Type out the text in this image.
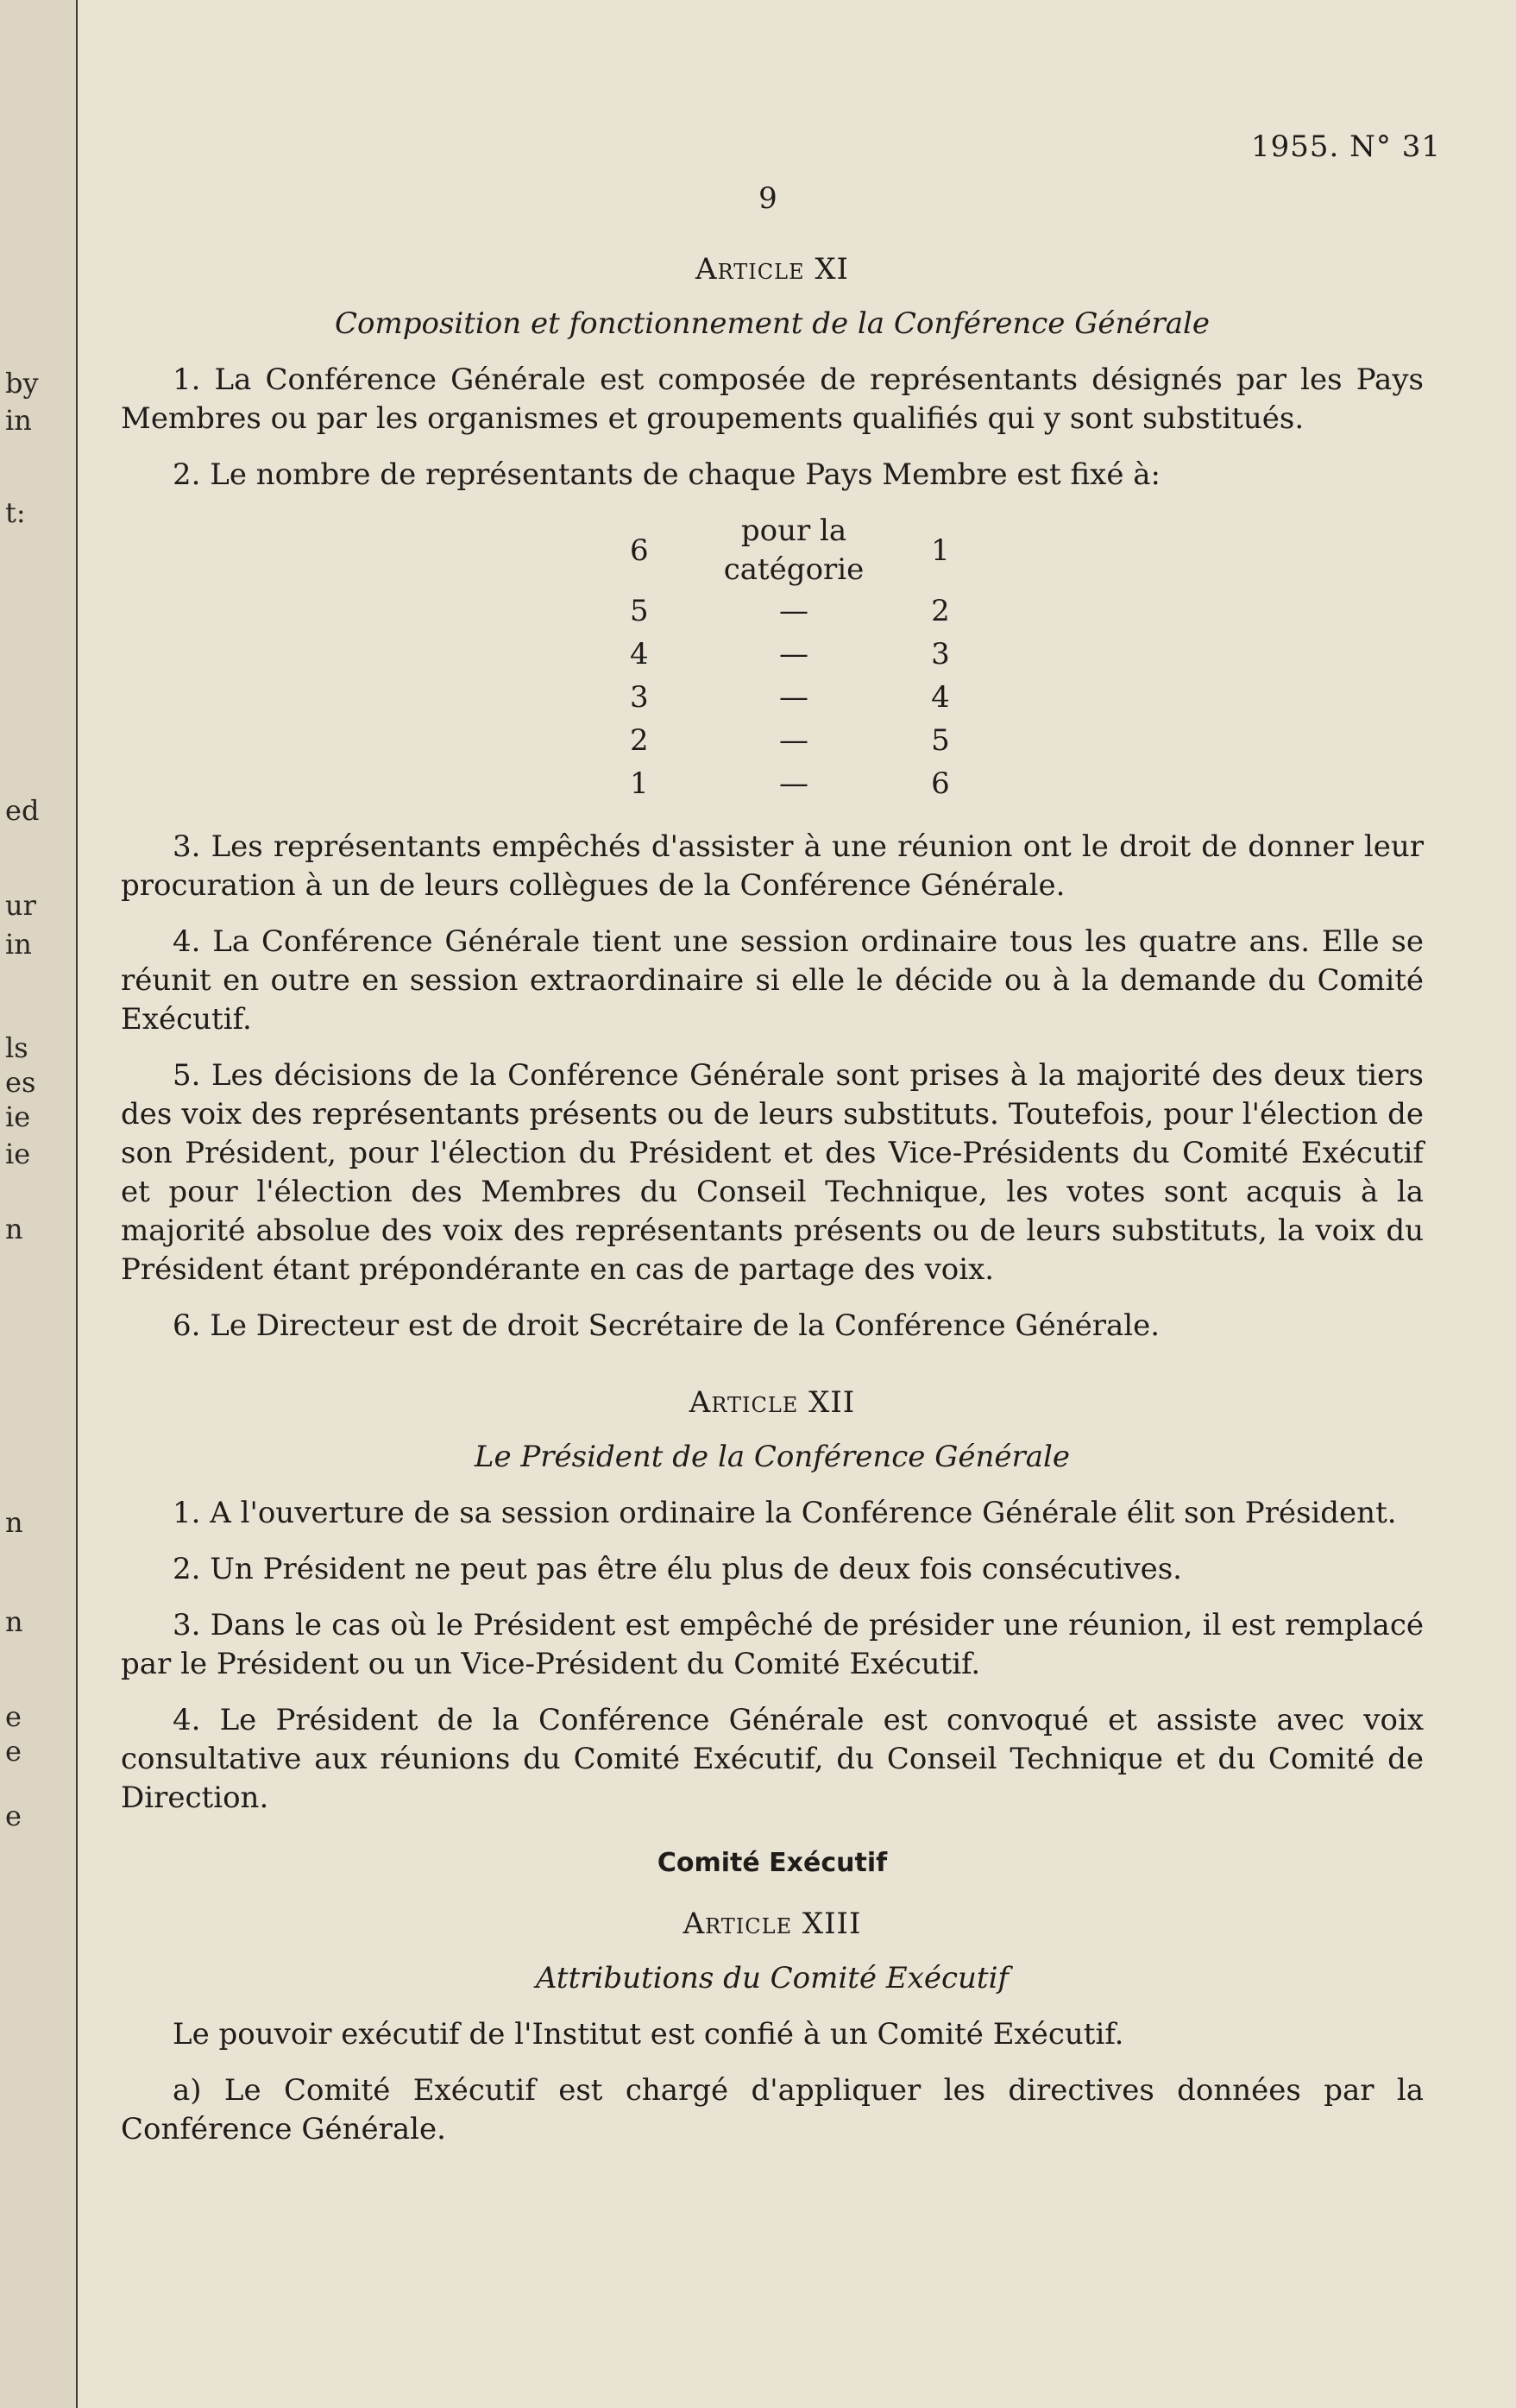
by
in
t:
ed
ur
in
ls
es
ie
ie
n
n
n
e
e
e
1955. N° 31
9
Article XI
Composition et fonctionnement de la Conférence Générale

1. La Conférence Générale est composée de représentants désignés par les Pays Membres ou par les organismes et groupements qualifiés qui y sont substitués.

2. Le nombre de représentants de chaque Pays Membre est fixé à:

6	pour la catégorie	1
5	—	2
4	—	3
3	—	4
2	—	5
1	—	6

3. Les représentants empêchés d'assister à une réunion ont le droit de donner leur procuration à un de leurs collègues de la Conférence Générale.

4. La Conférence Générale tient une session ordinaire tous les quatre ans. Elle se réunit en outre en session extraordinaire si elle le décide ou à la demande du Comité Exécutif.

5. Les décisions de la Conférence Générale sont prises à la majorité des deux tiers des voix des représentants présents ou de leurs substituts. Toutefois, pour l'élection de son Président, pour l'élection du Président et des Vice-Présidents du Comité Exécutif et pour l'élection des Membres du Conseil Technique, les votes sont acquis à la majorité absolue des voix des représentants présents ou de leurs substituts, la voix du Président étant prépondérante en cas de partage des voix.

6. Le Directeur est de droit Secrétaire de la Conférence Générale.

Article XII
Le Président de la Conférence Générale

1. A l'ouverture de sa session ordinaire la Conférence Générale élit son Président.

2. Un Président ne peut pas être élu plus de deux fois consécutives.

3. Dans le cas où le Président est empêché de présider une réunion, il est remplacé par le Président ou un Vice-Président du Comité Exécutif.

4. Le Président de la Conférence Générale est convoqué et assiste avec voix consultative aux réunions du Comité Exécutif, du Conseil Technique et du Comité de Direction.

Comité Exécutif
Article XIII
Attributions du Comité Exécutif

Le pouvoir exécutif de l'Institut est confié à un Comité Exécutif.

a) Le Comité Exécutif est chargé d'appliquer les directives données par la Conférence Générale.
